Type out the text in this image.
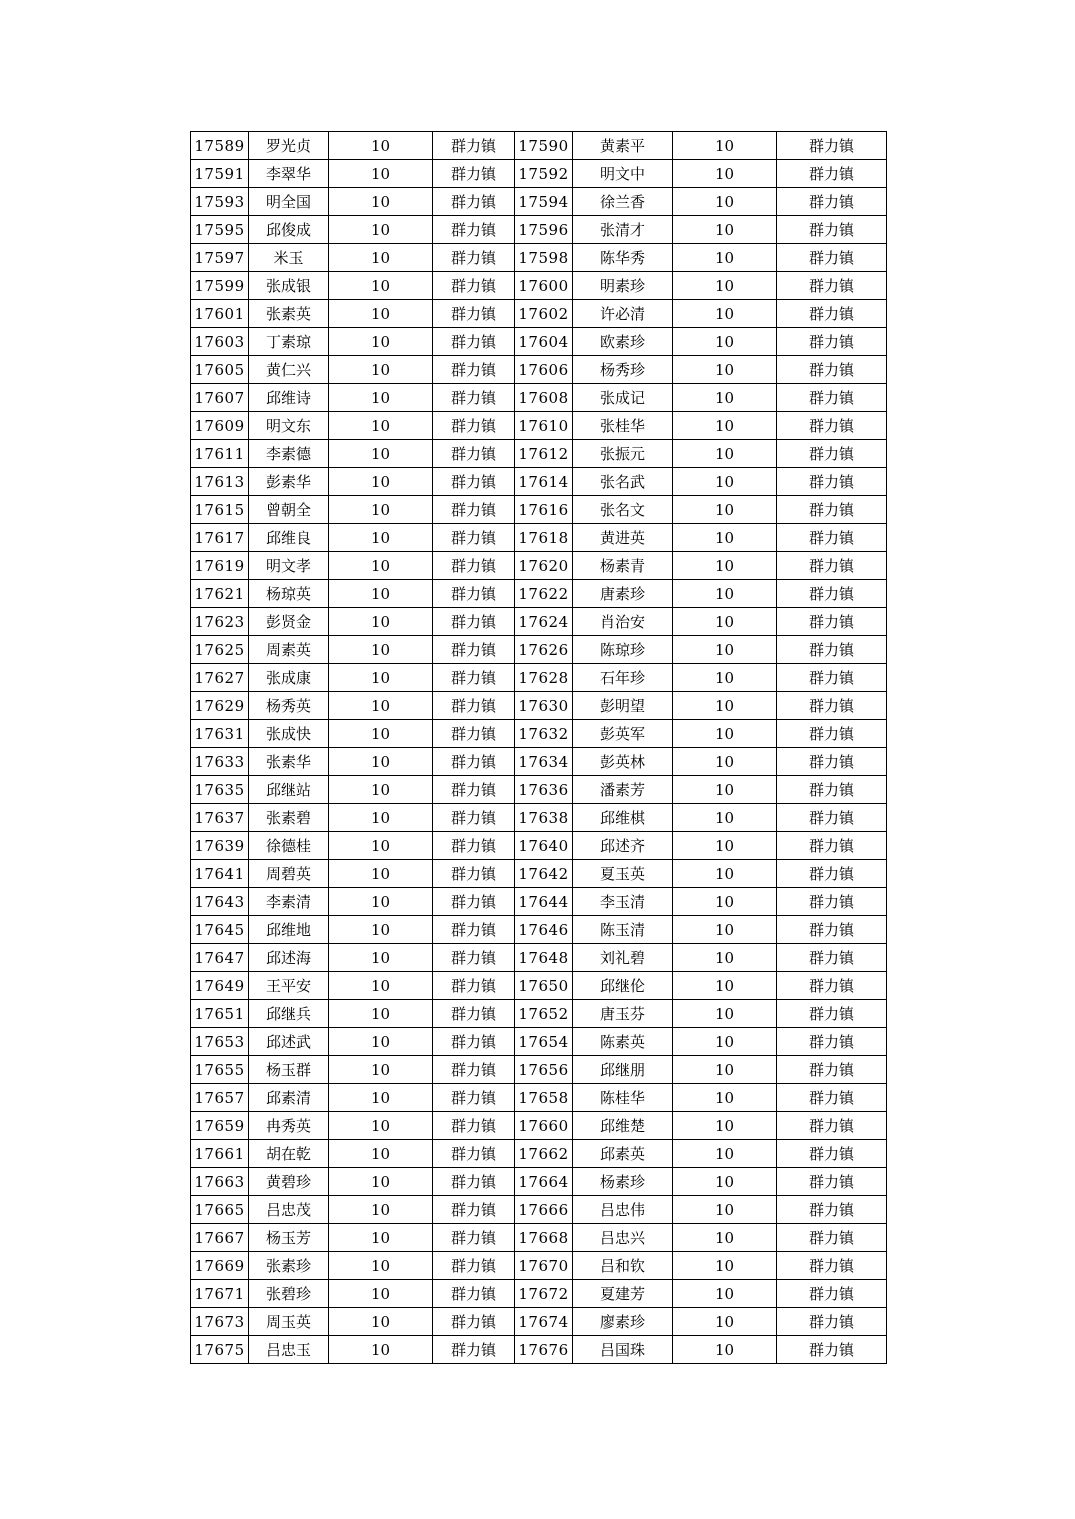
17589	罗光贞	10	群力镇	17590	黄素平	10	群力镇
17591	李翠华	10	群力镇	17592	明文中	10	群力镇
17593	明全国	10	群力镇	17594	徐兰香	10	群力镇
17595	邱俊成	10	群力镇	17596	张清才	10	群力镇
17597	米玉	10	群力镇	17598	陈华秀	10	群力镇
17599	张成银	10	群力镇	17600	明素珍	10	群力镇
17601	张素英	10	群力镇	17602	许必清	10	群力镇
17603	丁素琼	10	群力镇	17604	欧素珍	10	群力镇
17605	黄仁兴	10	群力镇	17606	杨秀珍	10	群力镇
17607	邱维诗	10	群力镇	17608	张成记	10	群力镇
17609	明文东	10	群力镇	17610	张桂华	10	群力镇
17611	李素德	10	群力镇	17612	张振元	10	群力镇
17613	彭素华	10	群力镇	17614	张名武	10	群力镇
17615	曾朝全	10	群力镇	17616	张名文	10	群力镇
17617	邱维良	10	群力镇	17618	黄进英	10	群力镇
17619	明文孝	10	群力镇	17620	杨素青	10	群力镇
17621	杨琼英	10	群力镇	17622	唐素珍	10	群力镇
17623	彭贤金	10	群力镇	17624	肖治安	10	群力镇
17625	周素英	10	群力镇	17626	陈琼珍	10	群力镇
17627	张成康	10	群力镇	17628	石年珍	10	群力镇
17629	杨秀英	10	群力镇	17630	彭明望	10	群力镇
17631	张成快	10	群力镇	17632	彭英军	10	群力镇
17633	张素华	10	群力镇	17634	彭英林	10	群力镇
17635	邱继站	10	群力镇	17636	潘素芳	10	群力镇
17637	张素碧	10	群力镇	17638	邱维棋	10	群力镇
17639	徐德桂	10	群力镇	17640	邱述齐	10	群力镇
17641	周碧英	10	群力镇	17642	夏玉英	10	群力镇
17643	李素清	10	群力镇	17644	李玉清	10	群力镇
17645	邱维地	10	群力镇	17646	陈玉清	10	群力镇
17647	邱述海	10	群力镇	17648	刘礼碧	10	群力镇
17649	王平安	10	群力镇	17650	邱继伦	10	群力镇
17651	邱继兵	10	群力镇	17652	唐玉芬	10	群力镇
17653	邱述武	10	群力镇	17654	陈素英	10	群力镇
17655	杨玉群	10	群力镇	17656	邱继朋	10	群力镇
17657	邱素清	10	群力镇	17658	陈桂华	10	群力镇
17659	冉秀英	10	群力镇	17660	邱维楚	10	群力镇
17661	胡在乾	10	群力镇	17662	邱素英	10	群力镇
17663	黄碧珍	10	群力镇	17664	杨素珍	10	群力镇
17665	吕忠茂	10	群力镇	17666	吕忠伟	10	群力镇
17667	杨玉芳	10	群力镇	17668	吕忠兴	10	群力镇
17669	张素珍	10	群力镇	17670	吕和钦	10	群力镇
17671	张碧珍	10	群力镇	17672	夏建芳	10	群力镇
17673	周玉英	10	群力镇	17674	廖素珍	10	群力镇
17675	吕忠玉	10	群力镇	17676	吕国珠	10	群力镇
